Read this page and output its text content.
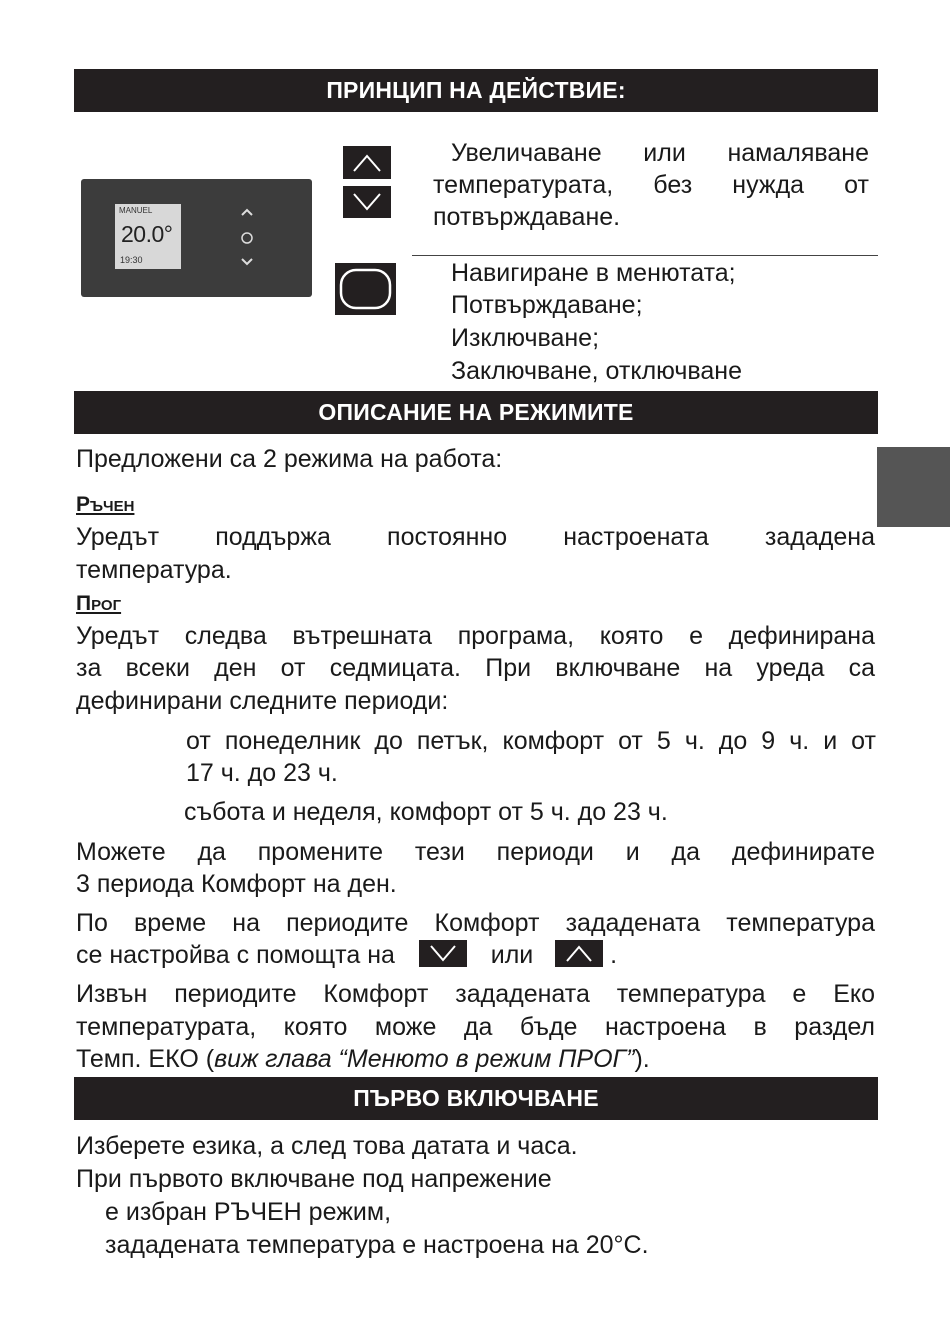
ПРИНЦИП НА ДЕЙСТВИЕ:
MANUEL
20.0°
19:30
Увеличаване или намаляване
температурата, без нужда от
потвърждаване.
Навигиране в менютата;
Потвърждаване;
Изключване;
Заключване, отключване
ОПИСАНИЕ НА РЕЖИМИТЕ
Предложени са 2 режима на работа:
Ръчен
Уредът поддържа постоянно настроената зададена
температура.
Прог
Уредът следва вътрешната програма, която е дефинирана
за всеки ден от седмицата. При включване на уреда са
дефинирани следните периоди:
от понеделник до петък, комфорт от 5 ч. до 9 ч. и от
17 ч. до 23 ч.
събота и неделя, комфорт от 5 ч. до 23 ч.
Можете да промените тези периоди и да дефинирате
3 периода Комфорт на ден.
По време на периодите Комфорт зададената температура
се настройва с помощта на	или	.
Извън периодите Комфорт зададената температура е Еко
температурата, която може да бъде настроена в раздел
Темп. ЕКО (виж глава “Менюто в режим ПРОГ”).
ПЪРВО ВКЛЮЧВАНЕ
Изберете езика, а след това датата и часа.
При първото включване под напрежение
е избран РЪЧЕН режим,
зададената температура е настроена на 20°C.
